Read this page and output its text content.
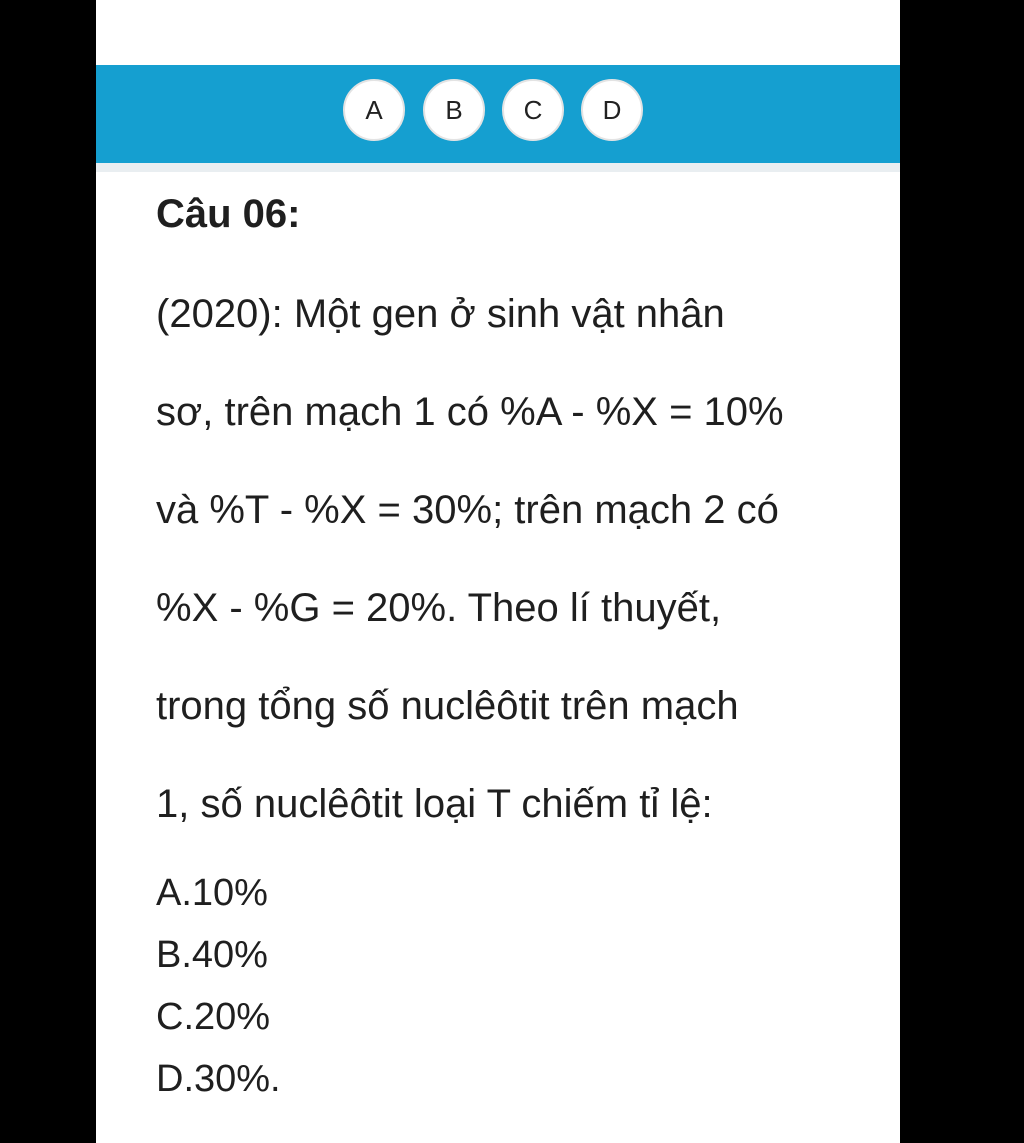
A	B	C	D
Câu 06:
(2020): Một gen ở sinh vật nhân
sơ, trên mạch 1 có %A - %X = 10%
và %T - %X = 30%; trên mạch 2 có
%X - %G = 20%. Theo lí thuyết,
trong tổng số nuclêôtit trên mạch
1, số nuclêôtit loại T chiếm tỉ lệ:
A.10%
B.40%
C.20%
D.30%.
